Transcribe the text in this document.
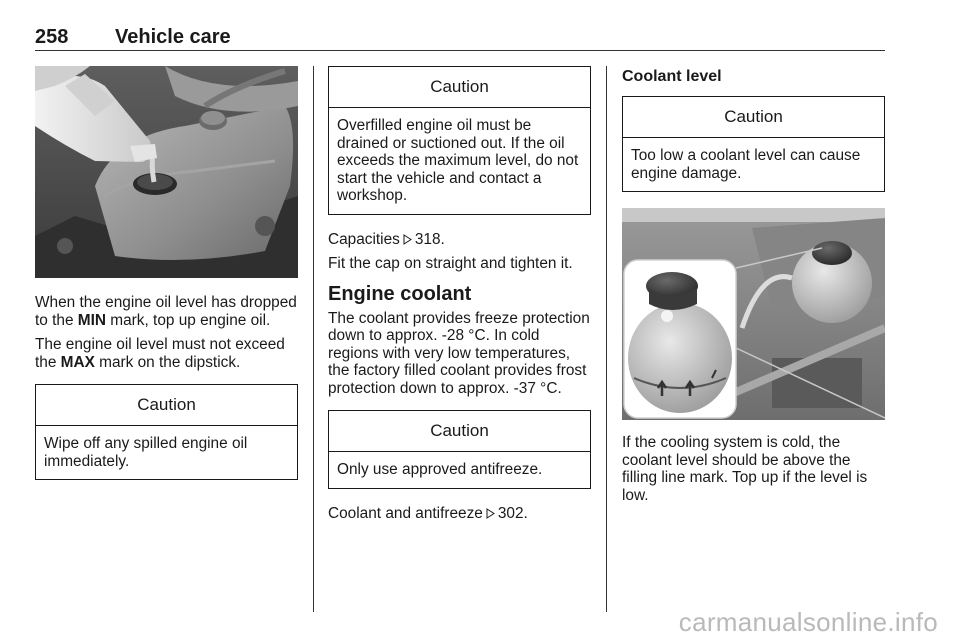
258 Vehicle care

When the engine oil level has dropped to the MIN mark, top up engine oil.

The engine oil level must not exceed the MAX mark on the dipstick.

Caution
Wipe off any spilled engine oil immediately.
Caution
Overfilled engine oil must be drained or suctioned out. If the oil exceeds the maximum level, do not start the vehicle and contact a workshop.

Capacities 318.

Fit the cap on straight and tighten it.

Engine coolant

The coolant provides freeze protection down to approx. -28 °C. In cold regions with very low temperatures, the factory filled coolant provides frost protection down to approx. -37 °C.

Caution
Only use approved antifreeze.

Coolant and antifreeze 302.

Coolant level
Caution
Too low a coolant level can cause engine damage.

If the cooling system is cold, the coolant level should be above the filling line mark. Top up if the level is low.

carmanualsonline.info
